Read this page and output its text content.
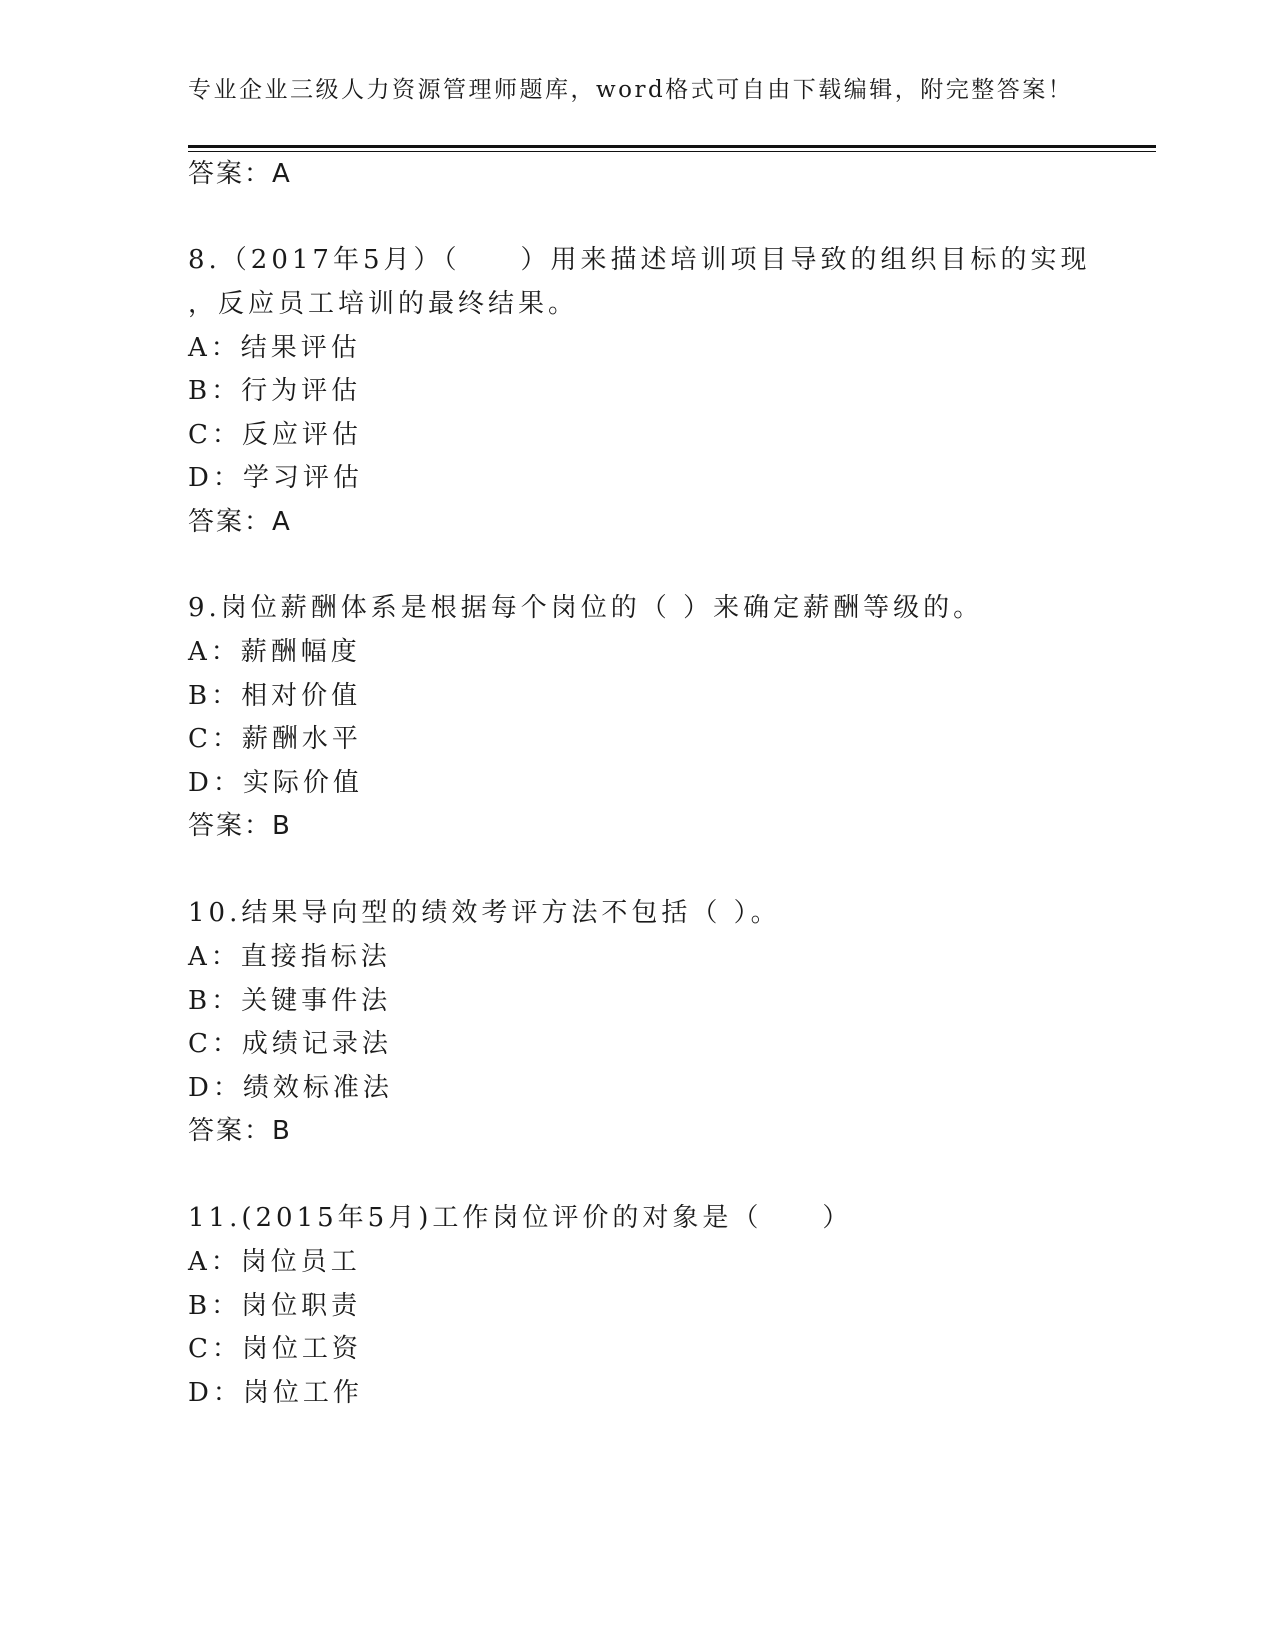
专业企业三级人力资源管理师题库，word格式可自由下载编辑，附完整答案！
答案：A
8.（2017年5月）（　　）用来描述培训项目导致的组织目标的实现
，反应员工培训的最终结果。
A：结果评估
B：行为评估
C：反应评估
D：学习评估
答案：A
9.岗位薪酬体系是根据每个岗位的（ ）来确定薪酬等级的。
A：薪酬幅度
B：相对价值
C：薪酬水平
D：实际价值
答案：B
10.结果导向型的绩效考评方法不包括（ ）。
A：直接指标法
B：关键事件法
C：成绩记录法
D：绩效标准法
答案：B
11.(2015年5月)工作岗位评价的对象是（　　）
A：岗位员工
B：岗位职责
C：岗位工资
D：岗位工作
